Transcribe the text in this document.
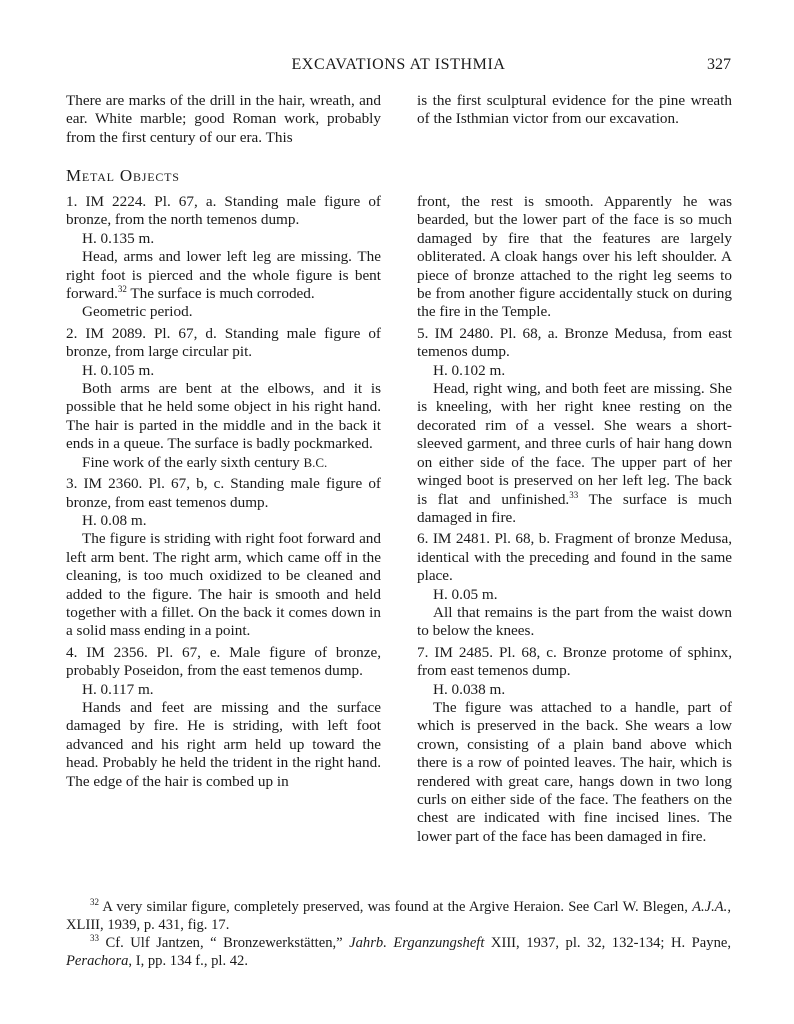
EXCAVATIONS AT ISTHMIA	327

There are marks of the drill in the hair, wreath, and ear. White marble; good Roman work, probably from the first century of our era. This

is the first sculptural evidence for the pine wreath of the Isthmian victor from our excavation.

Metal Objects

1. IM 2224. Pl. 67, a. Standing male figure of bronze, from the north temenos dump.

H. 0.135 m.

Head, arms and lower left leg are missing. The right foot is pierced and the whole figure is bent forward.$^{32}$ The surface is much corroded.

Geometric period.

2. IM 2089. Pl. 67, d. Standing male figure of bronze, from large circular pit.

H. 0.105 m.

Both arms are bent at the elbows, and it is possible that he held some object in his right hand. The hair is parted in the middle and in the back it ends in a queue. The surface is badly pockmarked.

Fine work of the early sixth century B.C.

3. IM 2360. Pl. 67, b, c. Standing male figure of bronze, from east temenos dump.

H. 0.08 m.

The figure is striding with right foot forward and left arm bent. The right arm, which came off in the cleaning, is too much oxidized to be cleaned and added to the figure. The hair is smooth and held together with a fillet. On the back it comes down in a solid mass ending in a point.

4. IM 2356. Pl. 67, e. Male figure of bronze, probably Poseidon, from the east temenos dump.

H. 0.117 m.

Hands and feet are missing and the surface damaged by fire. He is striding, with left foot advanced and his right arm held up toward the head. Probably he held the trident in the right hand. The edge of the hair is combed up in

front, the rest is smooth. Apparently he was bearded, but the lower part of the face is so much damaged by fire that the features are largely obliterated. A cloak hangs over his left shoulder. A piece of bronze attached to the right leg seems to be from another figure accidentally stuck on during the fire in the Temple.

5. IM 2480. Pl. 68, a. Bronze Medusa, from east temenos dump.

H. 0.102 m.

Head, right wing, and both feet are missing. She is kneeling, with her right knee resting on the decorated rim of a vessel. She wears a short-sleeved garment, and three curls of hair hang down on either side of the face. The upper part of her winged boot is preserved on her left leg. The back is flat and unfinished.$^{33}$ The surface is much damaged in fire.

6. IM 2481. Pl. 68, b. Fragment of bronze Medusa, identical with the preceding and found in the same place.

H. 0.05 m.

All that remains is the part from the waist down to below the knees.

7. IM 2485. Pl. 68, c. Bronze protome of sphinx, from east temenos dump.

H. 0.038 m.

The figure was attached to a handle, part of which is preserved in the back. She wears a low crown, consisting of a plain band above which there is a row of pointed leaves. The hair, which is rendered with great care, hangs down in two long curls on either side of the face. The feathers on the chest are indicated with fine incised lines. The lower part of the face has been damaged in fire.

$^{32}$ A very similar figure, completely preserved, was found at the Argive Heraion. See Carl W. Blegen, A.J.A., XLIII, 1939, p. 431, fig. 17.

$^{33}$ Cf. Ulf Jantzen, “ Bronzewerkstätten,” Jahrb. Erganzungsheft XIII, 1937, pl. 32, 132-134; H. Payne, Perachora, I, pp. 134 f., pl. 42.
